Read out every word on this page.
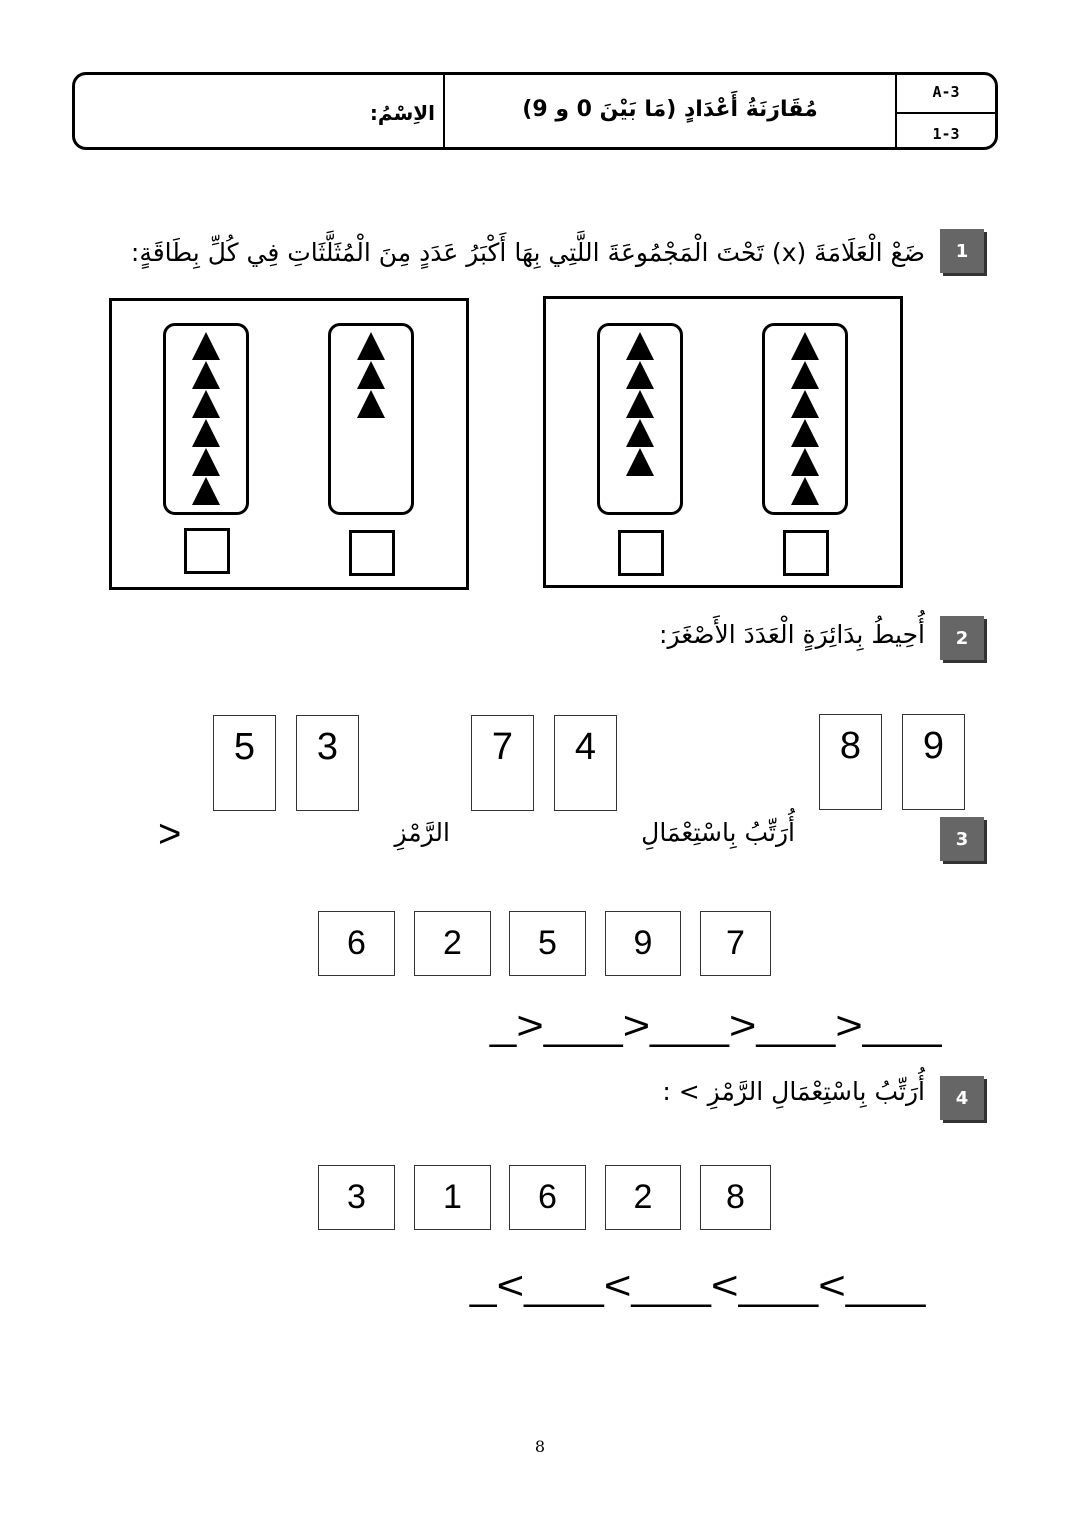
A-3
1-3
مُقَارَنَةُ أَعْدَادٍ (مَا بَيْنَ 0 و 9)
الاِسْمُ:
1
ضَعْ الْعَلَامَةَ (x) تَحْتَ الْمَجْمُوعَةَ اللَّتِي بِهَا أَكْبَرُ عَدَدٍ مِنَ الْمُثَلَّثَاتِ فِي كُلِّ بِطَاقَةٍ:
2
أُحِيطُ بِدَائِرَةٍ الْعَدَدَ الأَصْغَرَ:
9
8
4
7
3
5
3
أُرَتِّبُ بِاسْتِعْمَالِ
الرَّمْزِ
>
7
9
5
2
6
_>___>___>___>___
4
أُرَتِّبُ بِاسْتِعْمَالِ الرَّمْزِ > :
8
2
6
1
3
_<___<___<___<___
8
